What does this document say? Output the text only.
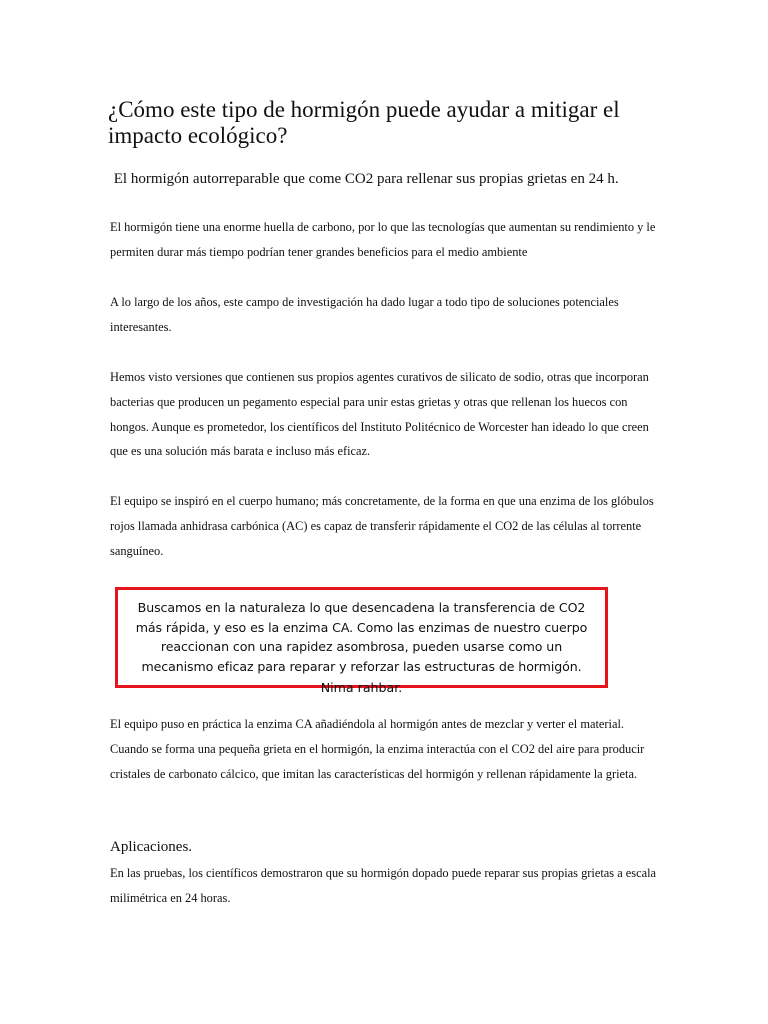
¿Cómo este tipo de hormigón puede ayudar a mitigar el impacto ecológico?

El hormigón autorreparable que come CO2 para rellenar sus propias grietas en 24 h.

El hormigón tiene una enorme huella de carbono, por lo que las tecnologías que aumentan su rendimiento y le permiten durar más tiempo podrían tener grandes beneficios para el medio ambiente

A lo largo de los años, este campo de investigación ha dado lugar a todo tipo de soluciones potenciales interesantes.

Hemos visto versiones que contienen sus propios agentes curativos de silicato de sodio, otras que incorporan bacterias que producen un pegamento especial para unir estas grietas y otras que rellenan los huecos con hongos. Aunque es prometedor, los científicos del Instituto Politécnico de Worcester han ideado lo que creen que es una solución más barata e incluso más eficaz.

El equipo se inspiró en el cuerpo humano; más concretamente, de la forma en que una enzima de los glóbulos rojos llamada anhidrasa carbónica (AC) es capaz de transferir rápidamente el CO2 de las células al torrente sanguíneo.

Buscamos en la naturaleza lo que desencadena la transferencia de CO2 más rápida, y eso es la enzima CA. Como las enzimas de nuestro cuerpo reaccionan con una rapidez asombrosa, pueden usarse como un mecanismo eficaz para reparar y reforzar las estructuras de hormigón.

Nima rahbar.

El equipo puso en práctica la enzima CA añadiéndola al hormigón antes de mezclar y verter el material. Cuando se forma una pequeña grieta en el hormigón, la enzima interactúa con el CO2 del aire para producir cristales de carbonato cálcico, que imitan las características del hormigón y rellenan rápidamente la grieta.

Aplicaciones.

En las pruebas, los científicos demostraron que su hormigón dopado puede reparar sus propias grietas a escala milimétrica en 24 horas.
